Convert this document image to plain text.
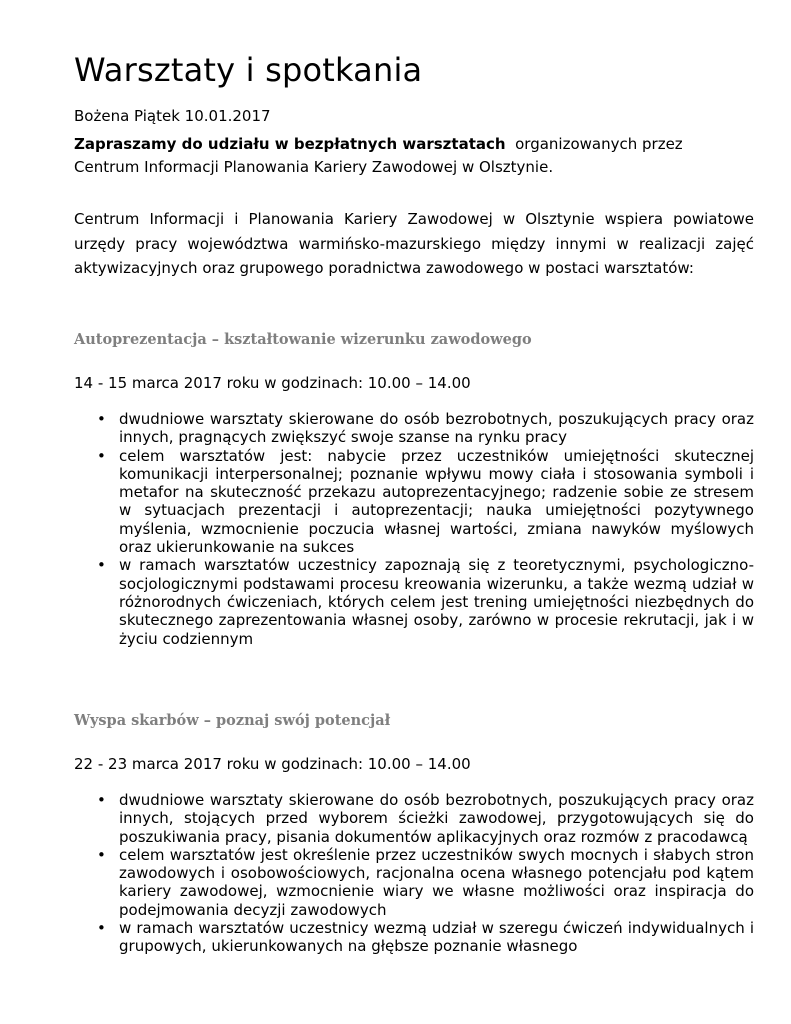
Warsztaty i spotkania
Bożena Piątek 10.01.2017
Zapraszamy do udziału w bezpłatnych warsztatach organizowanych przez
Centrum Informacji Planowania Kariery Zawodowej w Olsztynie.
Centrum Informacji i Planowania Kariery Zawodowej w Olsztynie wspiera powiatowe urzędy pracy województwa warmińsko-mazurskiego między innymi w realizacji zajęć aktywizacyjnych oraz grupowego poradnictwa zawodowego w postaci warsztatów:
Autoprezentacja – kształtowanie wizerunku zawodowego
14 - 15 marca 2017 roku w godzinach: 10.00 – 14.00
• dwudniowe warsztaty skierowane do osób bezrobotnych, poszukujących pracy oraz innych, pragnących zwiększyć swoje szanse na rynku pracy
• celem warsztatów jest: nabycie przez uczestników umiejętności skutecznej komunikacji interpersonalnej; poznanie wpływu mowy ciała i stosowania symboli i metafor na skuteczność przekazu autoprezentacyjnego; radzenie sobie ze stresem w sytuacjach prezentacji i autoprezentacji; nauka umiejętności pozytywnego myślenia, wzmocnienie poczucia własnej wartości, zmiana nawyków myślowych oraz ukierunkowanie na sukces
• w ramach warsztatów uczestnicy zapoznają się z teoretycznymi, psychologiczno-socjologicznymi podstawami procesu kreowania wizerunku, a także wezmą udział w różnorodnych ćwiczeniach, których celem jest trening umiejętności niezbędnych do skutecznego zaprezentowania własnej osoby, zarówno w procesie rekrutacji, jak i w życiu codziennym
Wyspa skarbów – poznaj swój potencjał
22 - 23 marca 2017 roku w godzinach: 10.00 – 14.00
• dwudniowe warsztaty skierowane do osób bezrobotnych, poszukujących pracy oraz innych, stojących przed wyborem ścieżki zawodowej, przygotowujących się do poszukiwania pracy, pisania dokumentów aplikacyjnych oraz rozmów z pracodawcą
• celem warsztatów jest określenie przez uczestników swych mocnych i słabych stron zawodowych i osobowościowych, racjonalna ocena własnego potencjału pod kątem kariery zawodowej, wzmocnienie wiary we własne możliwości oraz inspiracja do podejmowania decyzji zawodowych
• w ramach warsztatów uczestnicy wezmą udział w szeregu ćwiczeń indywidualnych i grupowych, ukierunkowanych na głębsze poznanie własnego
